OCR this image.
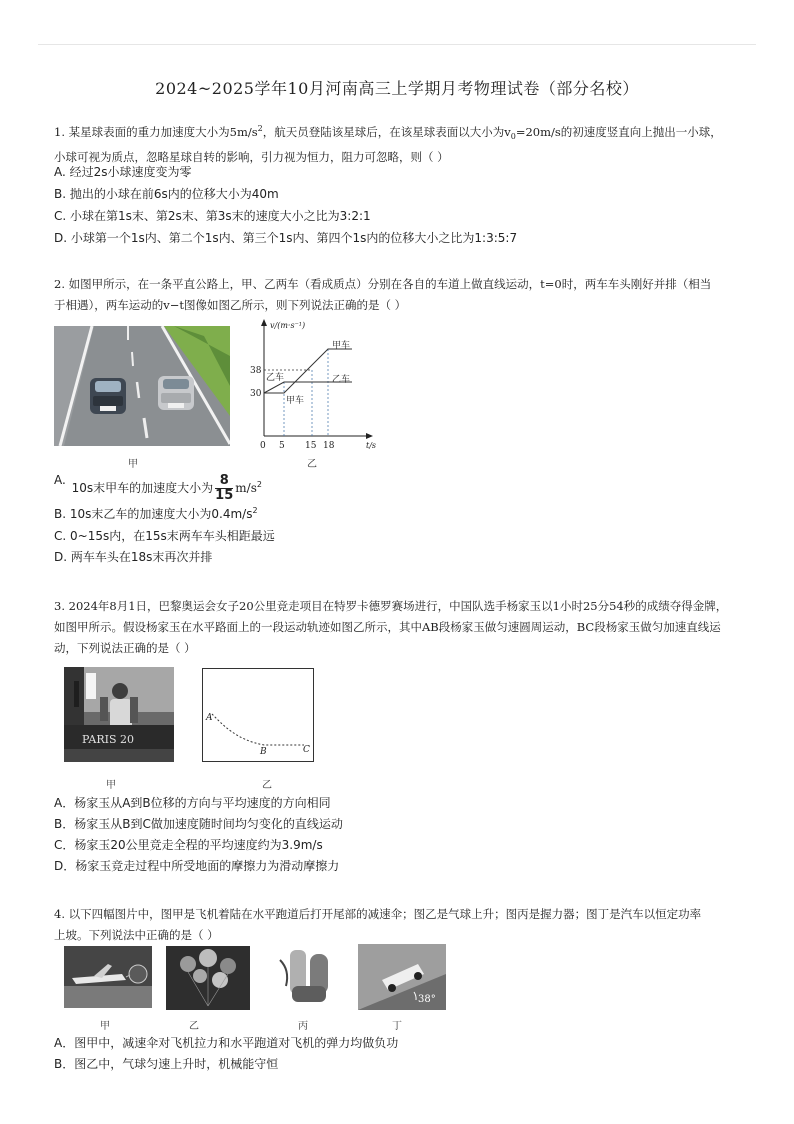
2024~2025学年10月河南高三上学期月考物理试卷（部分名校）
1. 某星球表面的重力加速度大小为$5m/s^2$，航天员登陆该星球后，在该星球表面以大小为$v_0=20m/s$的初速度竖直向上抛出一小球，
小球可视为质点，忽略星球自转的影响，引力视为恒力，阻力可忽略，则（ ）
A. 经过2s小球速度变为零
B. 抛出的小球在前6s内的位移大小为40m
C. 小球在第1s末、第2s末、第3s末的速度大小之比为3:2:1
D. 小球第一个1s内、第二个1s内、第三个1s内、第四个1s内的位移大小之比为1:3:5:7
2. 如图甲所示，在一条平直公路上，甲、乙两车（看成质点）分别在各自的车道上做直线运动，t=0时，两车车头刚好并排（相当
于相遇），两车运动的v−t图像如图乙所示，则下列说法正确的是（ ）
甲
v/(m·s⁻¹)
t/s
38
30
0 5 15 18
甲车
乙车
乙车
甲车
乙
A. 10s末甲车的加速度大小为 $\frac{8}{15} m/s^2$
B. 10s末乙车的加速度大小为$0.4m/s^2$
C. 0~15s内，在15s末两车车头相距最远
D. 两车车头在18s末再次并排
3. 2024年8月1日，巴黎奥运会女子20公里竞走项目在特罗卡德罗赛场进行，中国队选手杨家玉以1小时25分54秒的成绩夺得金牌，
如图甲所示。假设杨家玉在水平路面上的一段运动轨迹如图乙所示，其中AB段杨家玉做匀速圆周运动，BC段杨家玉做匀加速直线运
动，下列说法正确的是（ ）
PARIS 20
甲
A
B	C
乙
A．杨家玉从A到B位移的方向与平均速度的方向相同
B．杨家玉从B到C做加速度随时间均匀变化的直线运动
C．杨家玉20公里竞走全程的平均速度约为3.9m/s
D．杨家玉竞走过程中所受地面的摩擦力为滑动摩擦力
4. 以下四幅图片中，图甲是飞机着陆在水平跑道后打开尾部的减速伞；图乙是气球上升；图丙是握力器；图丁是汽车以恒定功率
上坡。下列说法中正确的是（ ）
38°
甲	乙	丙	丁
A．图甲中，减速伞对飞机拉力和水平跑道对飞机的弹力均做负功
B．图乙中，气球匀速上升时，机械能守恒
